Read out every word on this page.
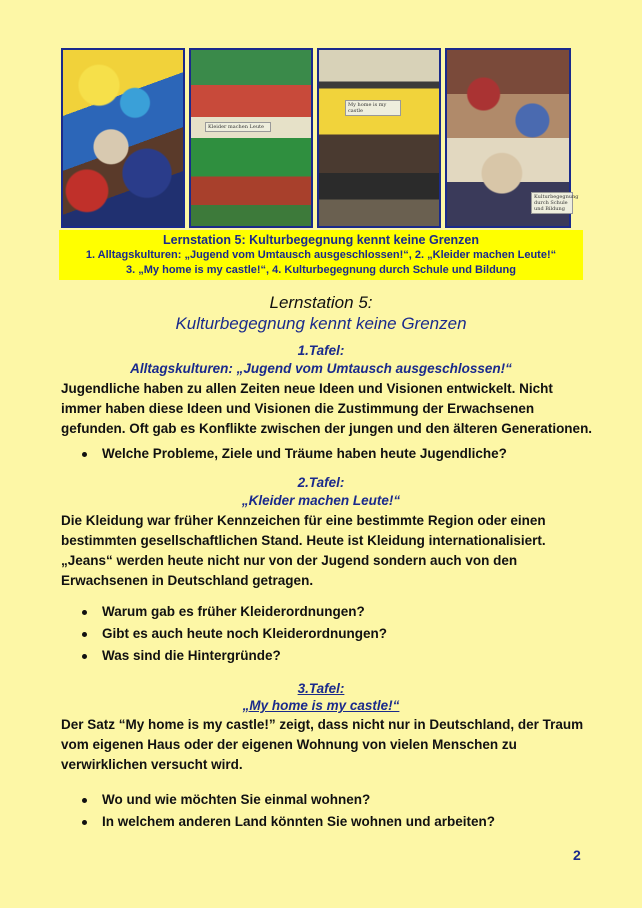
Kleider machen Leute
My home is my castle
Kulturbegegnung durch Schule und Bildung
Lernstation 5: Kulturbegegnung kennt keine Grenzen
1. Alltagskulturen: „Jugend vom Umtausch ausgeschlossen!“, 2. „Kleider machen Leute!“
3. „My home is my castle!“, 4. Kulturbegegnung durch Schule und Bildung
Lernstation 5:
Kulturbegegnung kennt keine Grenzen
1.Tafel:
Alltagskulturen: „Jugend vom Umtausch ausgeschlossen!“
Jugendliche haben zu allen Zeiten neue Ideen und Visionen entwickelt. Nicht
immer haben diese Ideen und Visionen die Zustimmung der Erwachsenen
gefunden. Oft gab es Konflikte zwischen der jungen und den älteren Generationen.
Welche Probleme, Ziele und Träume haben heute Jugendliche?
2.Tafel:
„Kleider machen Leute!“
Die Kleidung war früher Kennzeichen für eine bestimmte Region oder einen
bestimmten gesellschaftlichen Stand. Heute ist Kleidung internationalisiert.
„Jeans“ werden heute nicht nur von der Jugend sondern auch von den
Erwachsenen in Deutschland getragen.
Warum gab es früher Kleiderordnungen?
Gibt es auch heute noch Kleiderordnungen?
Was sind die Hintergründe?
3.Tafel:
„My home is my castle!“
Der Satz “My home is my castle!” zeigt, dass nicht nur in Deutschland, der Traum
vom eigenen Haus oder der eigenen Wohnung von vielen Menschen zu
verwirklichen versucht wird.
Wo und wie möchten Sie einmal wohnen?
In welchem anderen Land könnten Sie wohnen und arbeiten?
2
